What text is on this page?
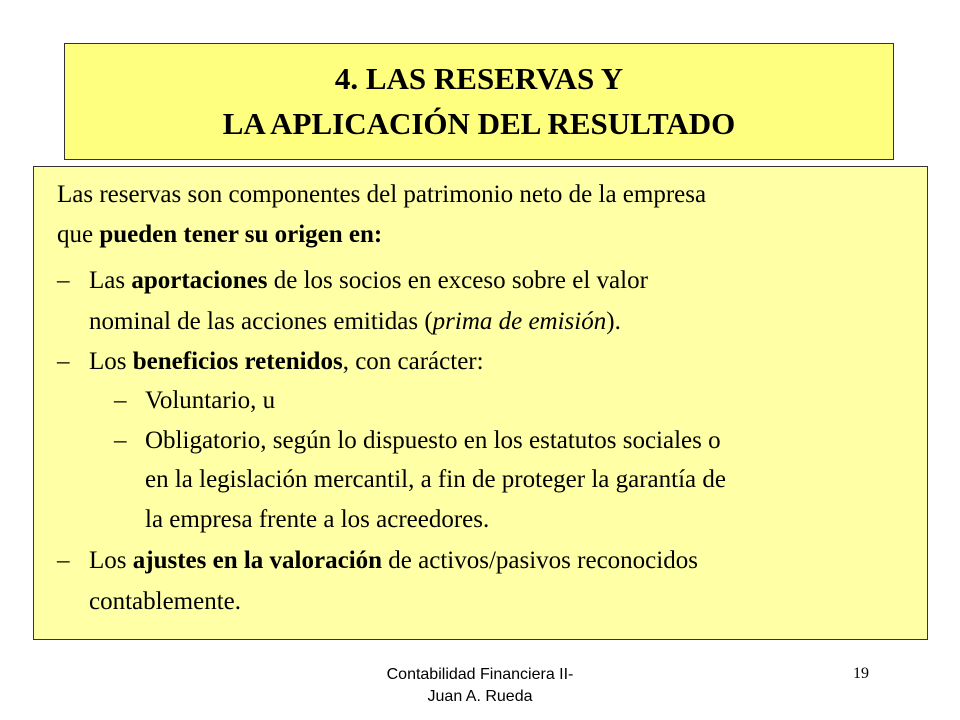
4. LAS RESERVAS Y
LA APLICACIÓN DEL RESULTADO
Las reservas son componentes del patrimonio neto de la empresa
que pueden tener su origen en:
– Las aportaciones de los socios en exceso sobre el valor
nominal de las acciones emitidas (prima de emisión).
– Los beneficios retenidos, con carácter:
– Voluntario, u
– Obligatorio, según lo dispuesto en los estatutos sociales o
en la legislación mercantil, a fin de proteger la garantía de
la empresa frente a los acreedores.
– Los ajustes en la valoración de activos/pasivos reconocidos
contablemente.
Contabilidad Financiera II-
Juan A. Rueda
19
